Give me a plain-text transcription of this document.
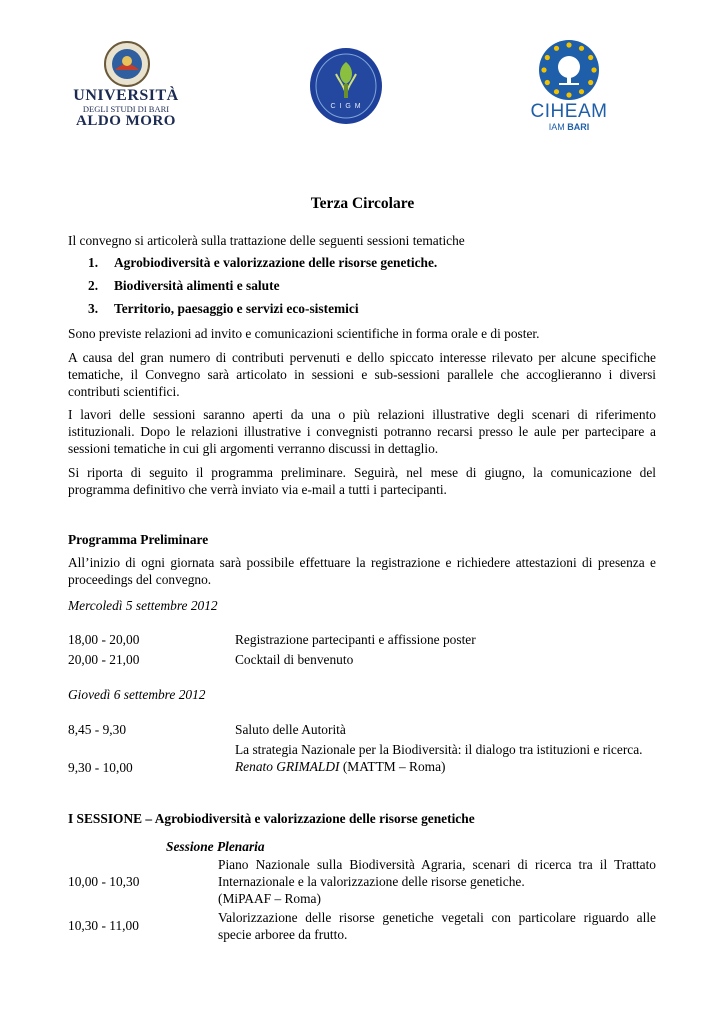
UNIVERSITÀ
DEGLI STUDI DI BARI
ALDO MORO
C I G M	CIHEAM
IAM BARI
Terza Circolare
Il convegno si articolerà sulla trattazione delle seguenti sessioni tematiche
1. Agrobiodiversità e valorizzazione delle risorse genetiche.
2. Biodiversità alimenti e salute
3. Territorio, paesaggio e servizi eco-sistemici
Sono previste relazioni ad invito e comunicazioni scientifiche in forma orale e di poster.
A causa del gran numero di contributi pervenuti e dello spiccato interesse rilevato per alcune specifiche tematiche, il Convegno sarà articolato in sessioni e sub-sessioni parallele che accoglieranno i diversi contributi scientifici.
I lavori delle sessioni saranno aperti da una o più relazioni illustrative degli scenari di riferimento istituzionali. Dopo le relazioni illustrative i convegnisti potranno recarsi presso le aule per partecipare a sessioni tematiche in cui gli argomenti verranno discussi in dettaglio.
Si riporta di seguito il programma preliminare. Seguirà, nel mese di giugno, la comunicazione del programma definitivo che verrà inviato via e-mail a tutti i partecipanti.
Programma Preliminare
All’inizio di ogni giornata sarà possibile effettuare la registrazione e richiedere attestazioni di presenza e proceedings del convegno.
Mercoledì 5 settembre 2012
18,00 - 20,00	Registrazione partecipanti e affissione poster
20,00 - 21,00	Cocktail di benvenuto
Giovedì 6 settembre 2012
8,45 - 9,30	Saluto delle Autorità
9,30 - 10,00
La strategia Nazionale per la Biodiversità: il dialogo tra istituzioni e ricerca.
Renato GRIMALDI (MATTM – Roma)
I SESSIONE – Agrobiodiversità e valorizzazione delle risorse genetiche
Sessione Plenaria
10,00 - 10,30
Piano Nazionale sulla Biodiversità Agraria, scenari di ricerca tra il Trattato Internazionale e la valorizzazione delle risorse genetiche.
(MiPAAF – Roma)
10,30 - 11,00
Valorizzazione delle risorse genetiche vegetali con particolare riguardo alle specie arboree da frutto.
